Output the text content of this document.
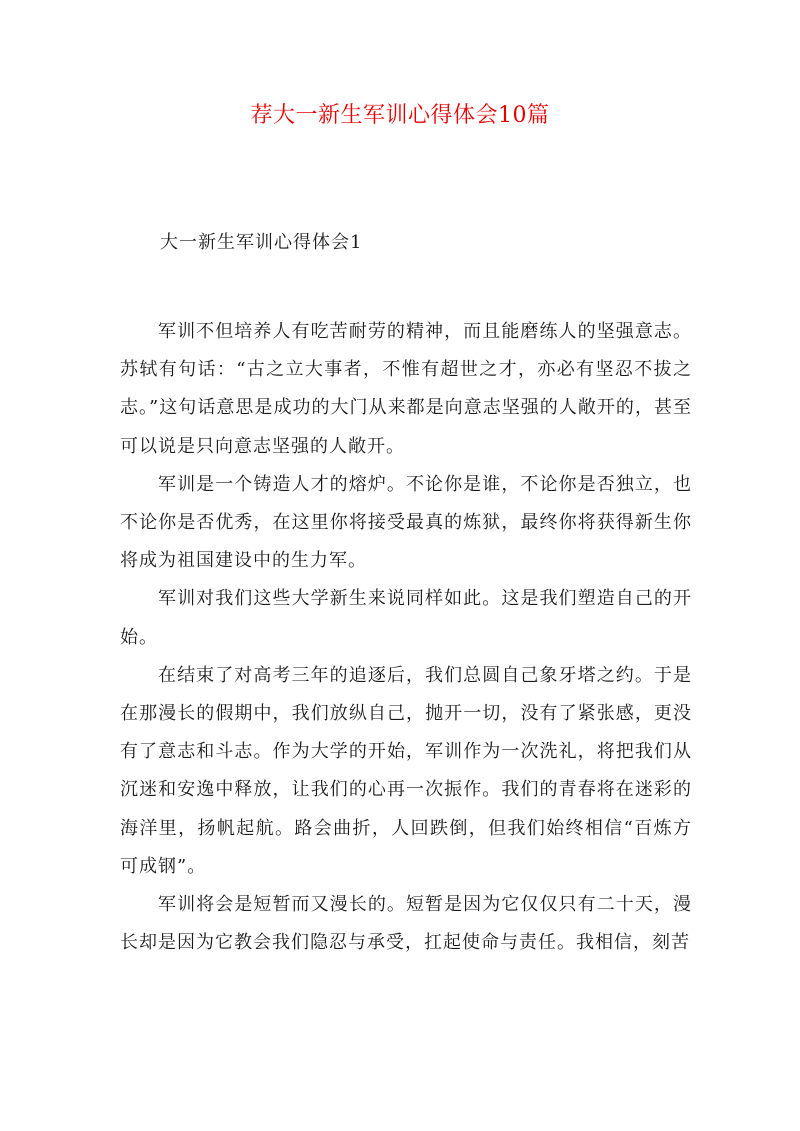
荐大一新生军训心得体会10篇
大一新生军训心得体会1

军训不但培养人有吃苦耐劳的精神，而且能磨练人的坚强意志。苏轼有句话：“古之立大事者，不惟有超世之才，亦必有坚忍不拔之志。”这句话意思是成功的大门从来都是向意志坚强的人敞开的，甚至可以说是只向意志坚强的人敞开。

军训是一个铸造人才的熔炉。不论你是谁，不论你是否独立，也不论你是否优秀，在这里你将接受最真的炼狱，最终你将获得新生你将成为祖国建设中的生力军。

军训对我们这些大学新生来说同样如此。这是我们塑造自己的开始。

在结束了对高考三年的追逐后，我们总圆自己象牙塔之约。于是在那漫长的假期中，我们放纵自己，抛开一切，没有了紧张感，更没有了意志和斗志。作为大学的开始，军训作为一次洗礼，将把我们从沉迷和安逸中释放，让我们的心再一次振作。我们的青春将在迷彩的海洋里，扬帆起航。路会曲折，人回跌倒，但我们始终相信“百炼方可成钢”。

军训将会是短暂而又漫长的。短暂是因为它仅仅只有二十天，漫长却是因为它教会我们隐忍与承受，扛起使命与责任。我相信，刻苦
